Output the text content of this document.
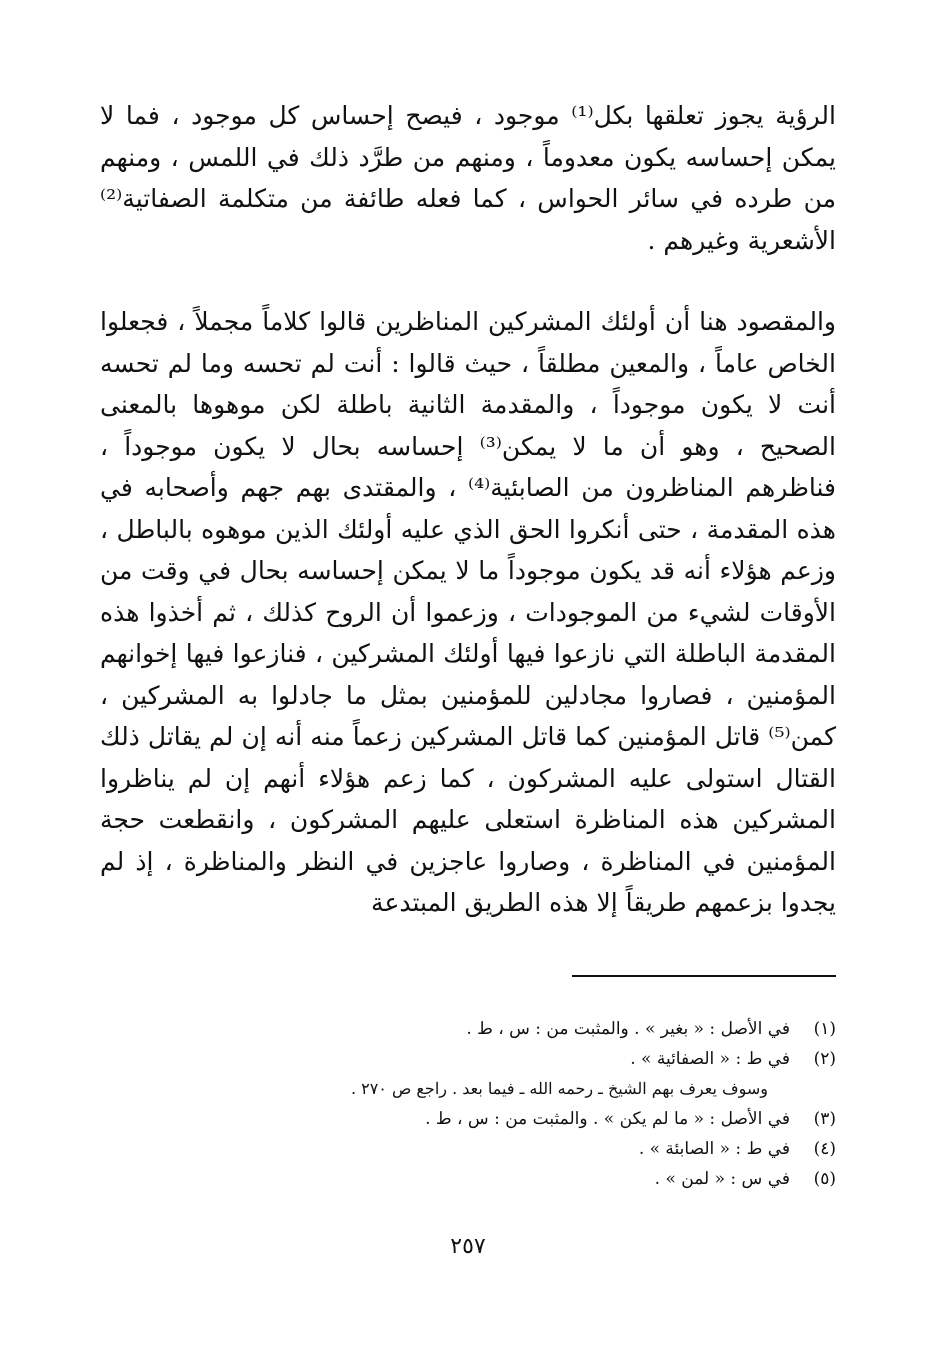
الرؤية يجوز تعلقها بكل⁽¹⁾ موجود ، فيصح إحساس كل موجود ، فما لا يمكن إحساسه يكون معدوماً ، ومنهم من طرَّد ذلك في اللمس ، ومنهم من طرده في سائر الحواس ، كما فعله طائفة من متكلمة الصفاتية⁽²⁾ الأشعرية وغيرهم .

والمقصود هنا أن أولئك المشركين المناظرين قالوا كلاماً مجملاً ، فجعلوا الخاص عاماً ، والمعين مطلقاً ، حيث قالوا : أنت لم تحسه وما لم تحسه أنت لا يكون موجوداً ، والمقدمة الثانية باطلة لكن موهوها بالمعنى الصحيح ، وهو أن ما لا يمكن⁽³⁾ إحساسه بحال لا يكون موجوداً ، فناظرهم المناظرون من الصابئية⁽⁴⁾ ، والمقتدى بهم جهم وأصحابه في هذه المقدمة ، حتى أنكروا الحق الذي عليه أولئك الذين موهوه بالباطل ، وزعم هؤلاء أنه قد يكون موجوداً ما لا يمكن إحساسه بحال في وقت من الأوقات لشيء من الموجودات ، وزعموا أن الروح كذلك ، ثم أخذوا هذه المقدمة الباطلة التي نازعوا فيها أولئك المشركين ، فنازعوا فيها إخوانهم المؤمنين ، فصاروا مجادلين للمؤمنين بمثل ما جادلوا به المشركين ، كمن⁽⁵⁾ قاتل المؤمنين كما قاتل المشركين زعماً منه أنه إن لم يقاتل ذلك القتال استولى عليه المشركون ، كما زعم هؤلاء أنهم إن لم يناظروا المشركين هذه المناظرة استعلى عليهم المشركون ، وانقطعت حجة المؤمنين في المناظرة ، وصاروا عاجزين في النظر والمناظرة ، إذ لم يجدوا بزعمهم طريقاً إلا هذه الطريق المبتدعة

(١)
في الأصل : « بغير » . والمثبت من : س ، ط .
(٢)
في ط : « الصفائية » .
وسوف يعرف بهم الشيخ ـ رحمه الله ـ فيما بعد . راجع ص ٢٧٠ .
(٣)
في الأصل : « ما لم يكن » . والمثبت من : س ، ط .
(٤)
في ط : « الصابئة » .
(٥)
في س : « لمن » .
٢٥٧
